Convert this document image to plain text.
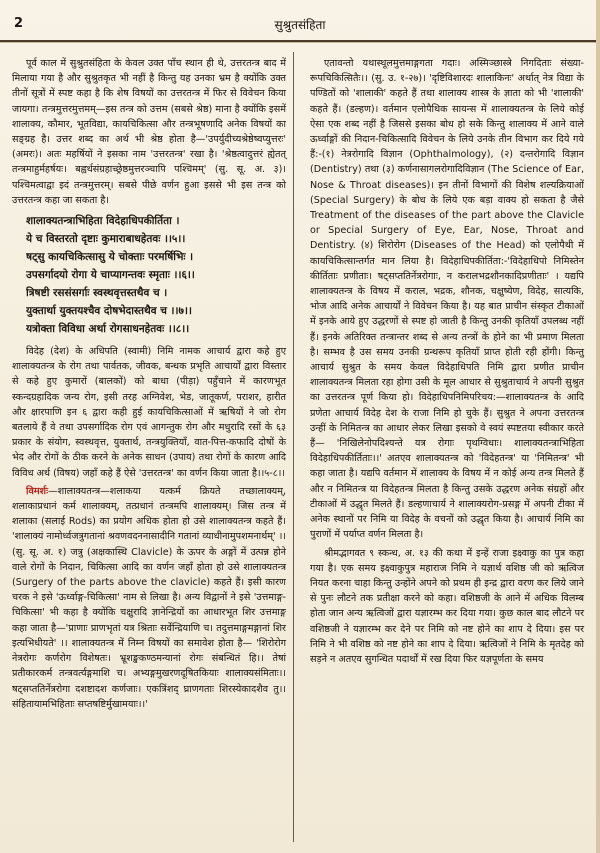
2	सुश्रुतसंहिता

पूर्व काल में सुश्रुतसंहिता के केवल उक्त पाँच स्थान ही थे, उत्तरतन्त्र बाद में मिलाया गया है और सुश्रुतकृत भी नहीं है किन्तु यह उनका भ्रम है क्योंकि उक्त तीनों सूत्रों में स्पष्ट कहा है कि शेष विषयों का उत्तरतन्त्र में फिर से विवेचन किया जायगा। तन्त्रमुत्तरमुत्तमम्—इस तन्त्र को उत्तम (सबसे श्रेष्ठ) माना है क्योंकि इसमें शालाक्य, कौमार, भूतविद्या, कायचिकित्सा और तन्त्रभूषणादि अनेक विषयों का सङ्ग्रह है। उत्तर शब्द का अर्थ भी श्रेष्ठ होता है—'उपर्युदीच्यश्रेष्ठेष्वप्युत्तरः' (अमरः)। अतः महर्षियों ने इसका नाम 'उत्तरतन्त्र' रखा है। 'श्रेष्ठत्वादुत्तरं ह्येतत् तन्त्रमाहुर्महर्षयः। बह्वर्थसंग्रहाच्छ्रेष्ठमुत्तरञ्चापि पश्चिमम्' (सु. सू. अ. ३)। पश्चिमत्वाद्वा इदं तन्त्रमुत्तरम्। सबसे पीछे वर्णन हुआ इससे भी इस तन्त्र को उत्तरतन्त्र कहा जा सकता है।

शालाक्यतन्त्राभिहिता विदेहाधिपकीर्तिता ।
ये च विस्तरतो दृष्टाः कुमाराबाधहेतवः ।।५।।
षट्सु कायचिकित्सासु ये चोक्ताः परमर्षिभिः ।
उपसर्गादयो रोगा ये चाप्यागन्तवः स्मृताः ।।६।।
त्रिषष्टी रससंसर्गाः स्वस्थवृत्तस्तथैव च ।
युक्तार्था युक्तयश्चैव दोषभेदास्तथैव च ।।७।।
यत्रोक्ता विविधा अर्था रोगसाधनहेतवः ।।८।।

विदेह (देश) के अधिपति (स्वामी) निमि नामक आचार्य द्वारा कहे हुए शालाक्यतन्त्र के रोग तथा पार्वतक, जीवक, बन्धक प्रभृति आचार्यों द्वारा विस्तार से कहे हुए कुमारों (बालकों) को बाधा (पीड़ा) पहुँचाने में कारणभूत स्कन्दग्रहादिक जन्य रोग, इसी तरह अग्निवेश, भेड, जातूकर्ण, पराशर, हारीत और क्षारपाणि इन ६ द्वारा कही हुई कायचिकित्साओं में ऋषियों ने जो रोग बतलाये हैं वे तथा उपसर्गादिक रोग एवं आगन्तुक रोग और मधुरादि रसों के ६३ प्रकार के संयोग, स्वस्थवृत्त, युक्तार्थ, तन्त्रयुक्तियाँ, वात-पित्त-कफादि दोषों के भेद और रोगों के ठीक करने के अनेक साधन (उपाय) तथा रोगों के कारण आदि विविध अर्थ (विषय) जहाँ कहे हैं ऐसे 'उत्तरतन्त्र' का वर्णन किया जाता है।।५-८।।

विमर्शः—शालाक्यतन्त्र—शलाकया यत्कर्म क्रियते तच्छालाक्यम्, शलाकाप्रधानं कर्म शालाक्यम्, तत्प्रधानं तन्त्रमपि शालाक्यम्। जिस तन्त्र में शलाका (सलाई Rods) का प्रयोग अधिक होता हो उसे शालाक्यतन्त्र कहते हैं। 'शालाक्यं नामोर्ध्वजत्रुगतानां श्रवणवदननासादीनि गतानां व्याधीनामुपशमनार्थम्' ।। (सु. सू. अ. १) जत्रु (अक्षकास्थि Clavicle) के ऊपर के अङ्गों में उत्पन्न होने वाले रोगों के निदान, चिकित्सा आदि का वर्णन जहाँ होता हो उसे शालाक्यतन्त्र (Surgery of the parts above the clavicle) कहते हैं। इसी कारण चरक ने इसे 'ऊर्ध्वाङ्ग-चिकित्सा' नाम से लिखा है। अन्य विद्वानों ने इसे 'उत्तमाङ्ग-चिकित्सा' भी कहा है क्योंकि चक्षुरादि ज्ञानेन्द्रियों का आधारभूत शिर उत्तमाङ्ग कहा जाता है—'प्राणाः प्राणभृतां यत्र श्रिताः सर्वेन्द्रियाणि च। तदुत्तमाङ्गमङ्गानां शिर इत्यभिधीयते' ।। शालाक्यतन्त्र में निम्न विषयों का समावेश होता है— 'शिरोरोग नेत्ररोगः कर्णरोग विशेषतः। भ्रूशङ्खकण्ठमन्यानां रोगः संबन्धितं हि।। तेषां प्रतीकारकर्म तन्त्रवर्त्यङ्गमाशि च। अभ्यङ्गमुखरणदूषितकियाः शालाक्यसंमिताः।। षट्सप्ततिर्नेत्ररोगा दशष्टादश कर्णजाः। एकत्रिंशद् घ्राणगताः शिरस्येकादशैव तु।। संहितायामभिहिताः सप्तषष्टिर्मुखामयाः।।'

एतावन्तो यथास्थूलमुत्तमाङ्गगता गदाः। अस्मिञ्छास्त्रे निगदिताः संख्या-रूपचिकित्सितैः।। (सु. उ. १-२७)। 'दृष्टिविशारदः शालाकिनः' अर्थात् नेत्र विद्या के पण्डितों को 'शालाकी' कहते हैं तथा शालाक्य शास्त्र के ज्ञाता को भी 'शालाकी' कहते हैं। (डल्हण)। वर्तमान एलोपैथिक सायन्स में शालाक्यतन्त्र के लिये कोई ऐसा एक शब्द नहीं है जिससे इसका बोध हो सके किन्तु शालाक्य में आने वाले ऊर्ध्वाङ्गों की निदान-चिकित्सादि विवेचन के लिये उनके तीन विभाग कर दिये गये हैं:-(१) नेत्ररोगादि विज्ञान (Ophthalmology), (२) दन्तरोगादि विज्ञान (Dentistry) तथा (३) कर्णनासागलरोगादिविज्ञान (The Science of Ear, Nose & Throat diseases)। इन तीनों विभागों की विशेष शल्यक्रियाओं (Special Surgery) के बोध के लिये एक बड़ा वाक्य हो सकता है जैसे Treatment of the diseases of the part above the Clavicle or Special Surgery of Eye, Ear, Nose, Throat and Dentistry. (४) शिरोरोग (Diseases of the Head) को एलोपैथी में कायचिकित्सान्तर्गत मान लिया है। विदेहाधिपकीर्तिता:-'विदेहाधिपो निमिस्तेन कीर्तिताः प्रणीताः। षट्सप्ततिर्नेत्ररोगाः, न करालभद्रशौनकादिप्रणीताः' । यद्यपि शालाक्यतन्त्र के विषय में कराल, भद्रक, शौनक, चक्षुष्येण, विदेह, सात्यकि, भोज आदि अनेक आचार्यों ने विवेचन किया है। यह बात प्राचीन संस्कृत टीकाओं में इनके आये हुए उद्धरणों से स्पष्ट हो जाती है किन्तु उनकी कृतियाँ उपलब्ध नहीं हैं। इनके अतिरिक्त तन्त्रान्तर शब्द से अन्य तन्त्रों के होने का भी प्रमाण मिलता है। सम्भव है उस समय उनकी ग्रन्थरूप कृतियाँ प्राप्त होती रही होंगी। किन्तु आचार्य सुश्रुत के समय केवल विदेहाधिपति निमि द्वारा प्रणीत प्राचीन शालाक्यतन्त्र मिलता रहा होगा उसी के मूल आधार से सुश्रुताचार्य ने अपनी सुश्रुत का उत्तरतन्त्र पूर्ण किया हो। विदेहाधिपनिमिपरिचय:—शालाक्यतन्त्र के आदि प्रणेता आचार्य विदेह देश के राजा निमि हो चुके हैं। सुश्रुत ने अपना उत्तरतन्त्र उन्हीं के निमितन्त्र का आधार लेकर लिखा इसको वे स्वयं स्पष्टतया स्वीकार करते हैं— 'निखिलेनोपदिश्यन्ते यत्र रोगाः पृथग्विधाः। शालाक्यतन्त्राभिहिता विदेहाधिपकीर्तिताः।।' अतएव शालाक्यतन्त्र को 'विदेहतन्त्र' या 'निमितन्त्र' भी कहा जाता है। यद्यपि वर्तमान में शालाक्य के विषय में न कोई अन्य तन्त्र मिलते हैं और न निमितन्त्र या विदेहतन्त्र मिलता है किन्तु उसके उद्धरण अनेक संग्रहों और टीकाओं में उद्धृत मिलते हैं। डल्हणाचार्य ने शालाक्यरोग-प्रसङ्ग में अपनी टीका में अनेक स्थानों पर निमि या विदेह के वचनों को उद्धृत किया है। आचार्य निमि का पुराणों में पर्याप्त वर्णन मिलता है।

श्रीमद्भागवत ९ स्कन्ध, अ. १३ की कथा में इन्हें राजा इक्ष्वाकु का पुत्र कहा गया है। एक समय इक्ष्वाकुपुत्र महाराज निमि ने यज्ञार्थ वशिष्ठ जी को ऋत्विज नियत करना चाहा किन्तु उन्होंने अपने को प्रथम ही इन्द्र द्वारा वरण कर लिये जाने से पुनः लौटने तक प्रतीक्षा करने को कहा। वशिष्ठजी के आने में अधिक विलम्ब होता जान अन्य ऋत्विजों द्वारा यज्ञारम्भ कर दिया गया। कुछ काल बाद लौटने पर वशिष्ठजी ने यज्ञारम्भ कर देने पर निमि को नष्ट होने का शाप दे दिया। इस पर निमि ने भी वशिष्ठ को नष्ट होने का शाप दे दिया। ऋत्विजों ने निमि के मृतदेह को सड़ने न अतएव सुगन्धित पदार्थों में रख दिया फिर यज्ञपूर्णता के समय
